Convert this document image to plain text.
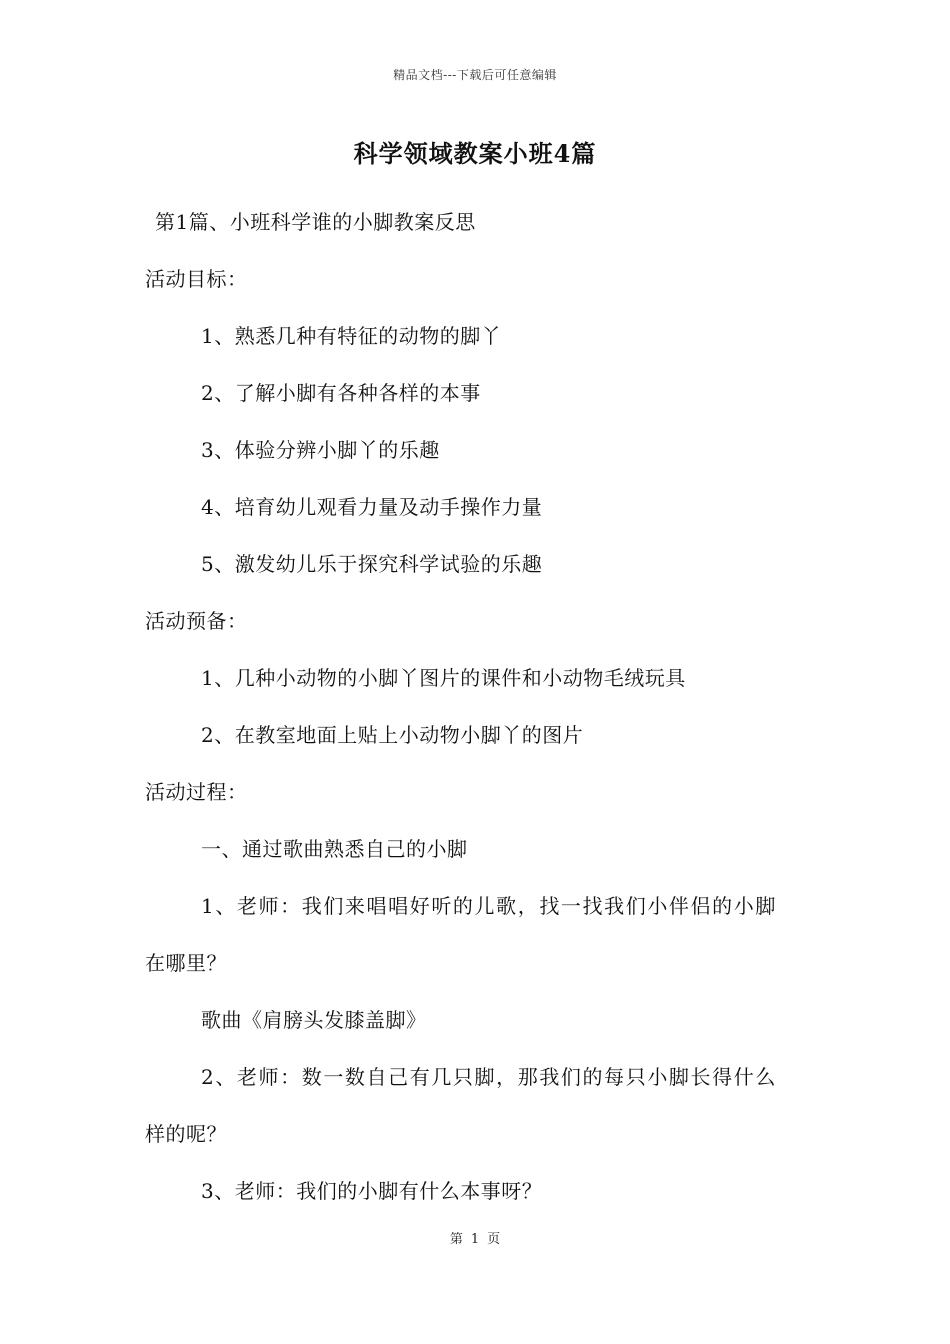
精品文档---下载后可任意编辑
科学领域教案小班4篇
第1篇、小班科学谁的小脚教案反思
活动目标：
1、熟悉几种有特征的动物的脚丫
2、了解小脚有各种各样的本事
3、体验分辨小脚丫的乐趣
4、培育幼儿观看力量及动手操作力量
5、激发幼儿乐于探究科学试验的乐趣
活动预备：
1、几种小动物的小脚丫图片的课件和小动物毛绒玩具
2、在教室地面上贴上小动物小脚丫的图片
活动过程：
一、通过歌曲熟悉自己的小脚
1、老师：我们来唱唱好听的儿歌，找一找我们小伴侣的小脚
在哪里？
歌曲《肩膀头发膝盖脚》
2、老师：数一数自己有几只脚，那我们的每只小脚长得什么
样的呢？
3、老师：我们的小脚有什么本事呀？
第 1 页
